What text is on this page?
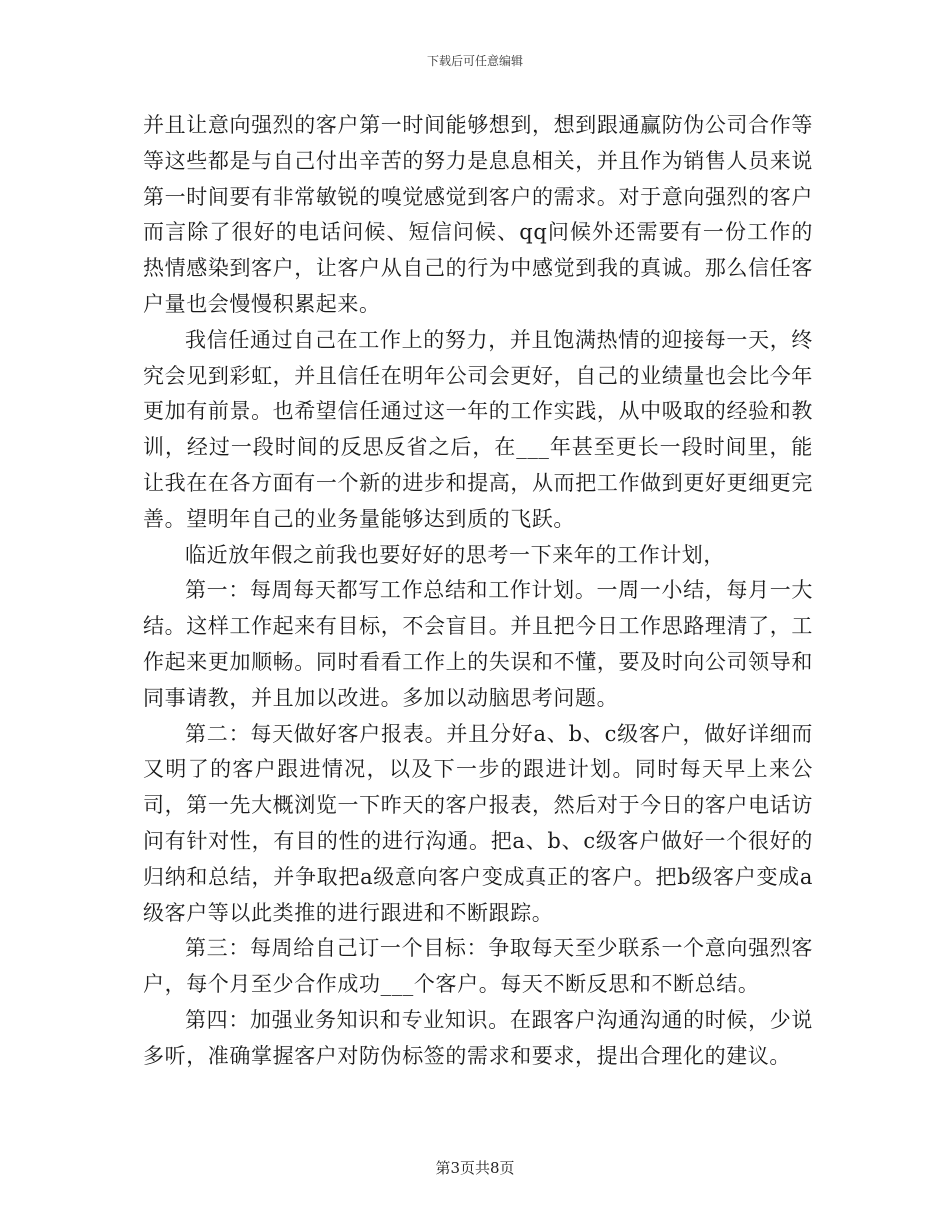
下载后可任意编辑

并且让意向强烈的客户第一时间能够想到，想到跟通赢防伪公司合作等等这些都是与自己付出辛苦的努力是息息相关，并且作为销售人员来说第一时间要有非常敏锐的嗅觉感觉到客户的需求。对于意向强烈的客户而言除了很好的电话问候、短信问候、qq问候外还需要有一份工作的热情感染到客户，让客户从自己的行为中感觉到我的真诚。那么信任客户量也会慢慢积累起来。

我信任通过自己在工作上的努力，并且饱满热情的迎接每一天，终究会见到彩虹，并且信任在明年公司会更好，自己的业绩量也会比今年更加有前景。也希望信任通过这一年的工作实践，从中吸取的经验和教训，经过一段时间的反思反省之后，在___年甚至更长一段时间里，能让我在在各方面有一个新的进步和提高，从而把工作做到更好更细更完善。望明年自己的业务量能够达到质的飞跃。

临近放年假之前我也要好好的思考一下来年的工作计划，

第一：每周每天都写工作总结和工作计划。一周一小结，每月一大结。这样工作起来有目标，不会盲目。并且把今日工作思路理清了，工作起来更加顺畅。同时看看工作上的失误和不懂，要及时向公司领导和同事请教，并且加以改进。多加以动脑思考问题。

第二：每天做好客户报表。并且分好a、b、c级客户，做好详细而又明了的客户跟进情况，以及下一步的跟进计划。同时每天早上来公司，第一先大概浏览一下昨天的客户报表，然后对于今日的客户电话访问有针对性，有目的性的进行沟通。把a、b、c级客户做好一个很好的归纳和总结，并争取把a级意向客户变成真正的客户。把b级客户变成a级客户等以此类推的进行跟进和不断跟踪。

第三：每周给自己订一个目标：争取每天至少联系一个意向强烈客户，每个月至少合作成功___个客户。每天不断反思和不断总结。

第四：加强业务知识和专业知识。在跟客户沟通沟通的时候，少说多听，准确掌握客户对防伪标签的需求和要求，提出合理化的建议。

第3页共8页
